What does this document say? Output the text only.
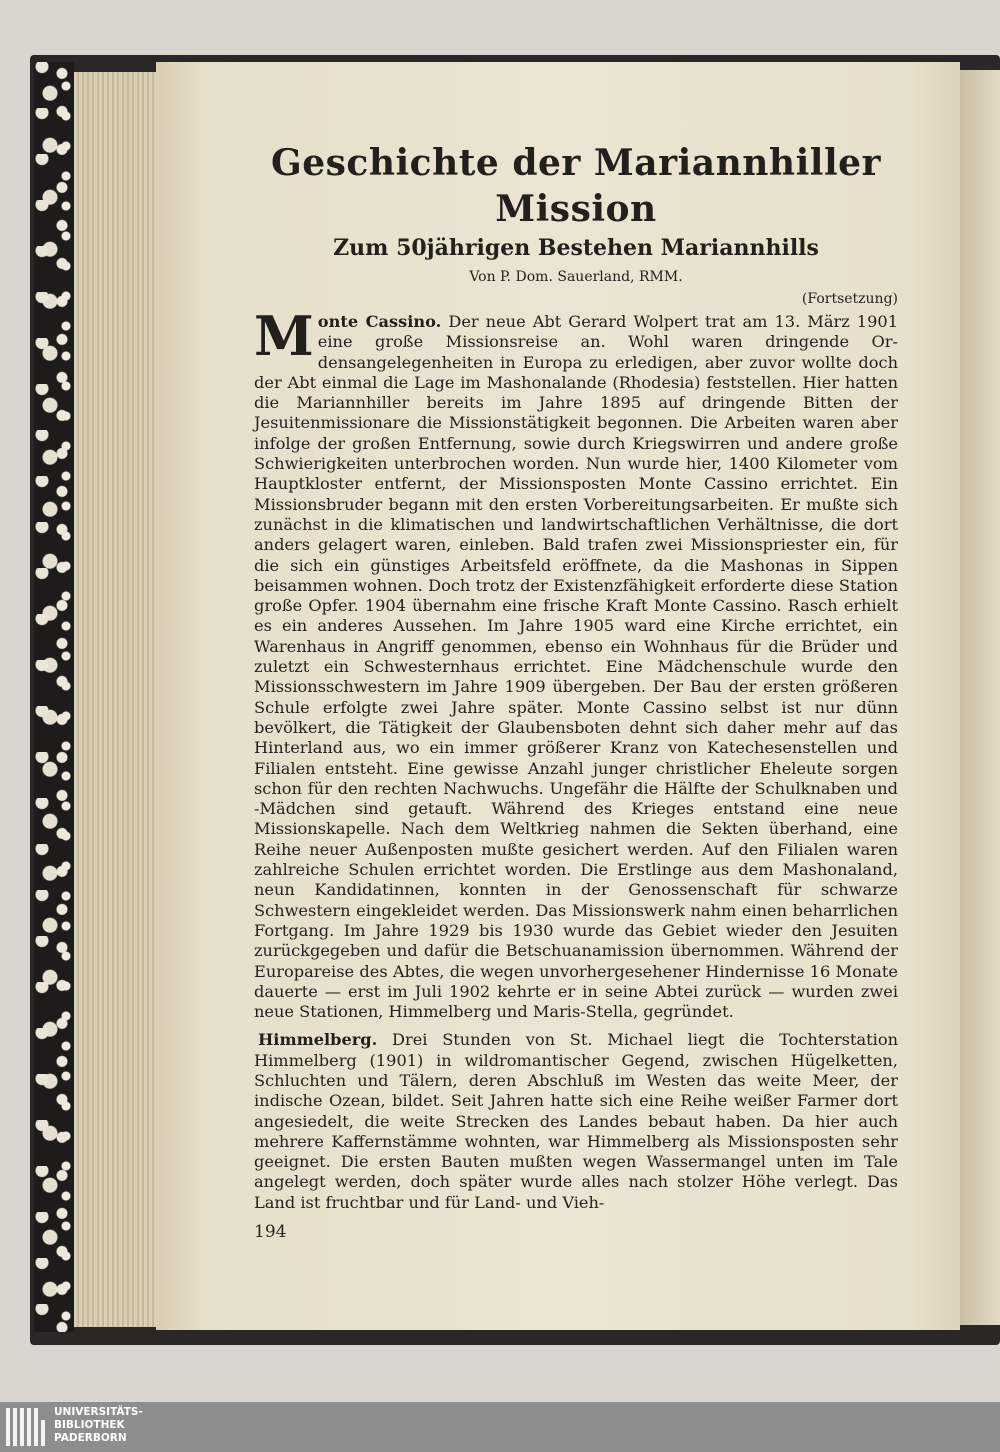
Geschichte der Mariannhiller Mission
Zum 50jährigen Bestehen Mariannhills

Von P. Dom. Sauerland, RMM.

(Fortsetzung)

Monte Cassino. Der neue Abt Gerard Wolpert trat am 13. März 1901 eine große Missionsreise an. Wohl waren dringende Ordensangelegenheiten in Europa zu erledigen, aber zuvor wollte doch der Abt einmal die Lage im Mashonalande (Rhodesia) feststellen. Hier hatten die Mariannhiller bereits im Jahre 1895 auf dringende Bitten der Jesuitenmissionare die Missionstätigkeit begonnen. Die Arbeiten waren aber infolge der großen Entfernung, sowie durch Kriegswirren und andere große Schwierigkeiten unterbrochen worden. Nun wurde hier, 1400 Kilometer vom Hauptkloster entfernt, der Missionsposten Monte Cassino errichtet. Ein Missionsbruder begann mit den ersten Vorbereitungsarbeiten. Er mußte sich zunächst in die klimatischen und landwirtschaftlichen Verhältnisse, die dort anders gelagert waren, einleben. Bald trafen zwei Missionspriester ein, für die sich ein günstiges Arbeitsfeld eröffnete, da die Mashonas in Sippen beisammen wohnen. Doch trotz der Existenzfähigkeit erforderte diese Station große Opfer. 1904 übernahm eine frische Kraft Monte Cassino. Rasch erhielt es ein anderes Aussehen. Im Jahre 1905 ward eine Kirche errichtet, ein Warenhaus in Angriff genommen, ebenso ein Wohnhaus für die Brüder und zuletzt ein Schwesternhaus errichtet. Eine Mädchenschule wurde den Missionsschwestern im Jahre 1909 übergeben. Der Bau der ersten größeren Schule erfolgte zwei Jahre später. Monte Cassino selbst ist nur dünn bevölkert, die Tätigkeit der Glaubensboten dehnt sich daher mehr auf das Hinterland aus, wo ein immer größerer Kranz von Katechesenstellen und Filialen entsteht. Eine gewisse Anzahl junger christlicher Eheleute sorgen schon für den rechten Nachwuchs. Ungefähr die Hälfte der Schulknaben und -Mädchen sind getauft. Während des Krieges entstand eine neue Missionskapelle. Nach dem Weltkrieg nahmen die Sekten überhand, eine Reihe neuer Außenposten mußte gesichert werden. Auf den Filialen waren zahlreiche Schulen errichtet worden. Die Erstlinge aus dem Mashonaland, neun Kandidatinnen, konnten in der Genossenschaft für schwarze Schwestern eingekleidet werden. Das Missionswerk nahm einen beharrlichen Fortgang. Im Jahre 1929 bis 1930 wurde das Gebiet wieder den Jesuiten zurückgegeben und dafür die Betschuanamission übernommen. Während der Europareise des Abtes, die wegen unvorhergesehener Hindernisse 16 Monate dauerte — erst im Juli 1902 kehrte er in seine Abtei zurück — wurden zwei neue Stationen, Himmelberg und Maris-Stella, gegründet.

Himmelberg. Drei Stunden von St. Michael liegt die Tochterstation Himmelberg (1901) in wildromantischer Gegend, zwischen Hügelketten, Schluchten und Tälern, deren Abschluß im Westen das weite Meer, der indische Ozean, bildet. Seit Jahren hatte sich eine Reihe weißer Farmer dort angesiedelt, die weite Strecken des Landes bebaut haben. Da hier auch mehrere Kaffernstämme wohnten, war Himmelberg als Missionsposten sehr geeignet. Die ersten Bauten mußten wegen Wassermangel unten im Tale angelegt werden, doch später wurde alles nach stolzer Höhe verlegt. Das Land ist fruchtbar und für Land- und Vieh-

194
UNIVERSITÄTS-
BIBLIOTHEK
PADERBORN
